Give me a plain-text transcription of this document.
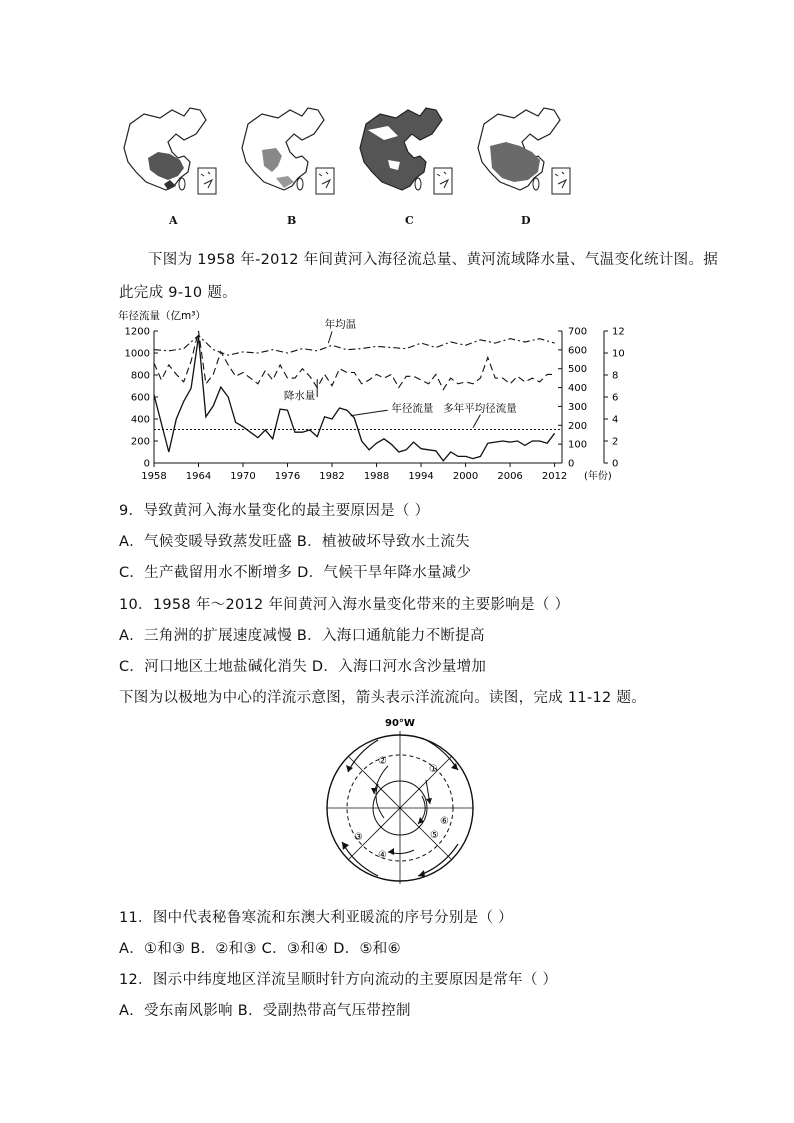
A	B	C	D
下图为 1958 年-2012 年间黄河入海径流总量、黄河流域降水量、气温变化统计图。据
此完成 9-10 题。
0
200
400
600
800
1000
1200
0
100
200
300
400
500
600
700
0
2
4
6
8
10
12
1958 1964 1970 1976 1982 1988 1994 2000 2006 2012 (年份)
年径流量（亿m³）
年均温
降水量
年径流量 多年平均径流量
9．导致黄河入海水量变化的最主要原因是（ ）
A．气候变暖导致蒸发旺盛 B．植被破坏导致水土流失
C．生产截留用水不断增多 D．气候干旱年降水量减少
10．1958 年～2012 年间黄河入海水量变化带来的主要影响是（ ）
A．三角洲的扩展速度减慢 B．入海口通航能力不断提高
C．河口地区土地盐碱化消失 D．入海口河水含沙量增加
下图为以极地为中心的洋流示意图，箭头表示洋流流向。读图，完成 11-12 题。
90°W
①
②
③
④
⑤
⑥
11．图中代表秘鲁寒流和东澳大利亚暖流的序号分别是（ ）
A．①和③ B．②和③ C．③和④ D．⑤和⑥
12．图示中纬度地区洋流呈顺时针方向流动的主要原因是常年（ ）
A．受东南风影响 B．受副热带高气压带控制
